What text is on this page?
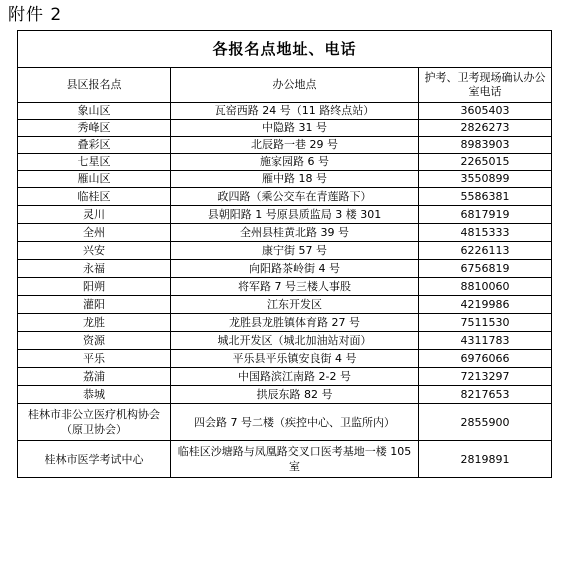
附件 2
各报名点地址、电话		
县区报名点	办公地点	护考、卫考现场确认办公室电话
象山区	瓦窑西路 24 号（11 路终点站）	3605403
秀峰区	中隐路 31 号	2826273
叠彩区	北辰路一巷 29 号	8983903
七星区	施家园路 6 号	2265015
雁山区	雁中路 18 号	3550899
临桂区	政四路（乘公交车在青莲路下）	5586381
灵川	县朝阳路 1 号原县质监局 3 楼 301	6817919
全州	全州县桂黄北路 39 号	4815333
兴安	康宁街 57 号	6226113
永福	向阳路茶岭街 4 号	6756819
阳朔	将军路 7 号三楼人事股	8810060
灌阳	江东开发区	4219986
龙胜	龙胜县龙胜镇体育路 27 号	7511530
资源	城北开发区（城北加油站对面）	4311783
平乐	平乐县平乐镇安良街 4 号	6976066
荔浦	中国路滨江南路 2-2 号	7213297
恭城	拱辰东路 82 号	8217653
桂林市非公立医疗机构协会（原卫协会）	四会路 7 号二楼（疾控中心、卫监所内）	2855900
桂林市医学考试中心	临桂区沙塘路与凤凰路交叉口医考基地一楼 105 室	2819891
